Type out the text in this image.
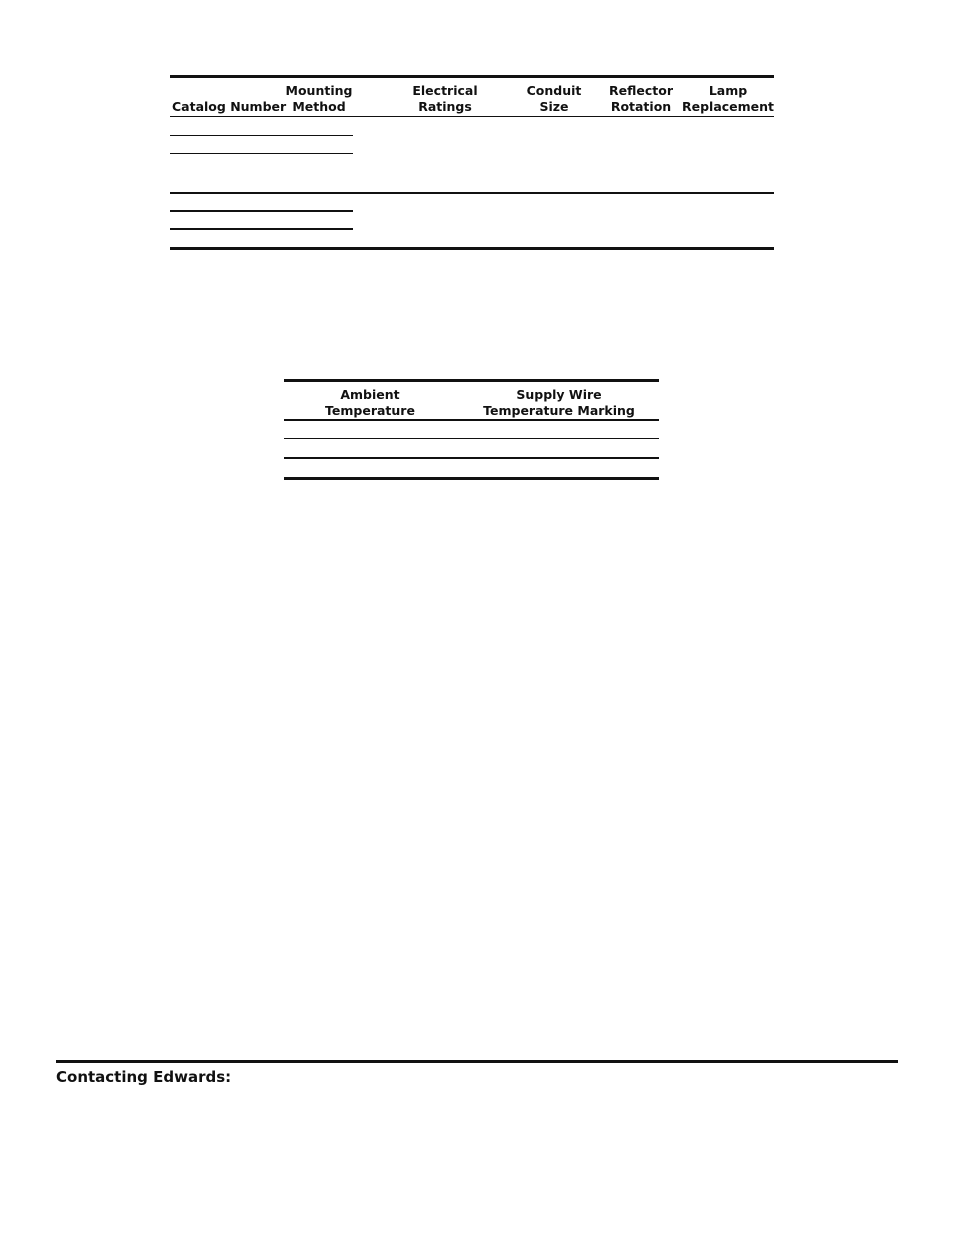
Catalog Number
Mounting
Method
Electrical
Ratings
Conduit
Size
Reflector
Rotation
Lamp
Replacement
Ambient
Temperature
Supply Wire
Temperature Marking
Contacting Edwards:
